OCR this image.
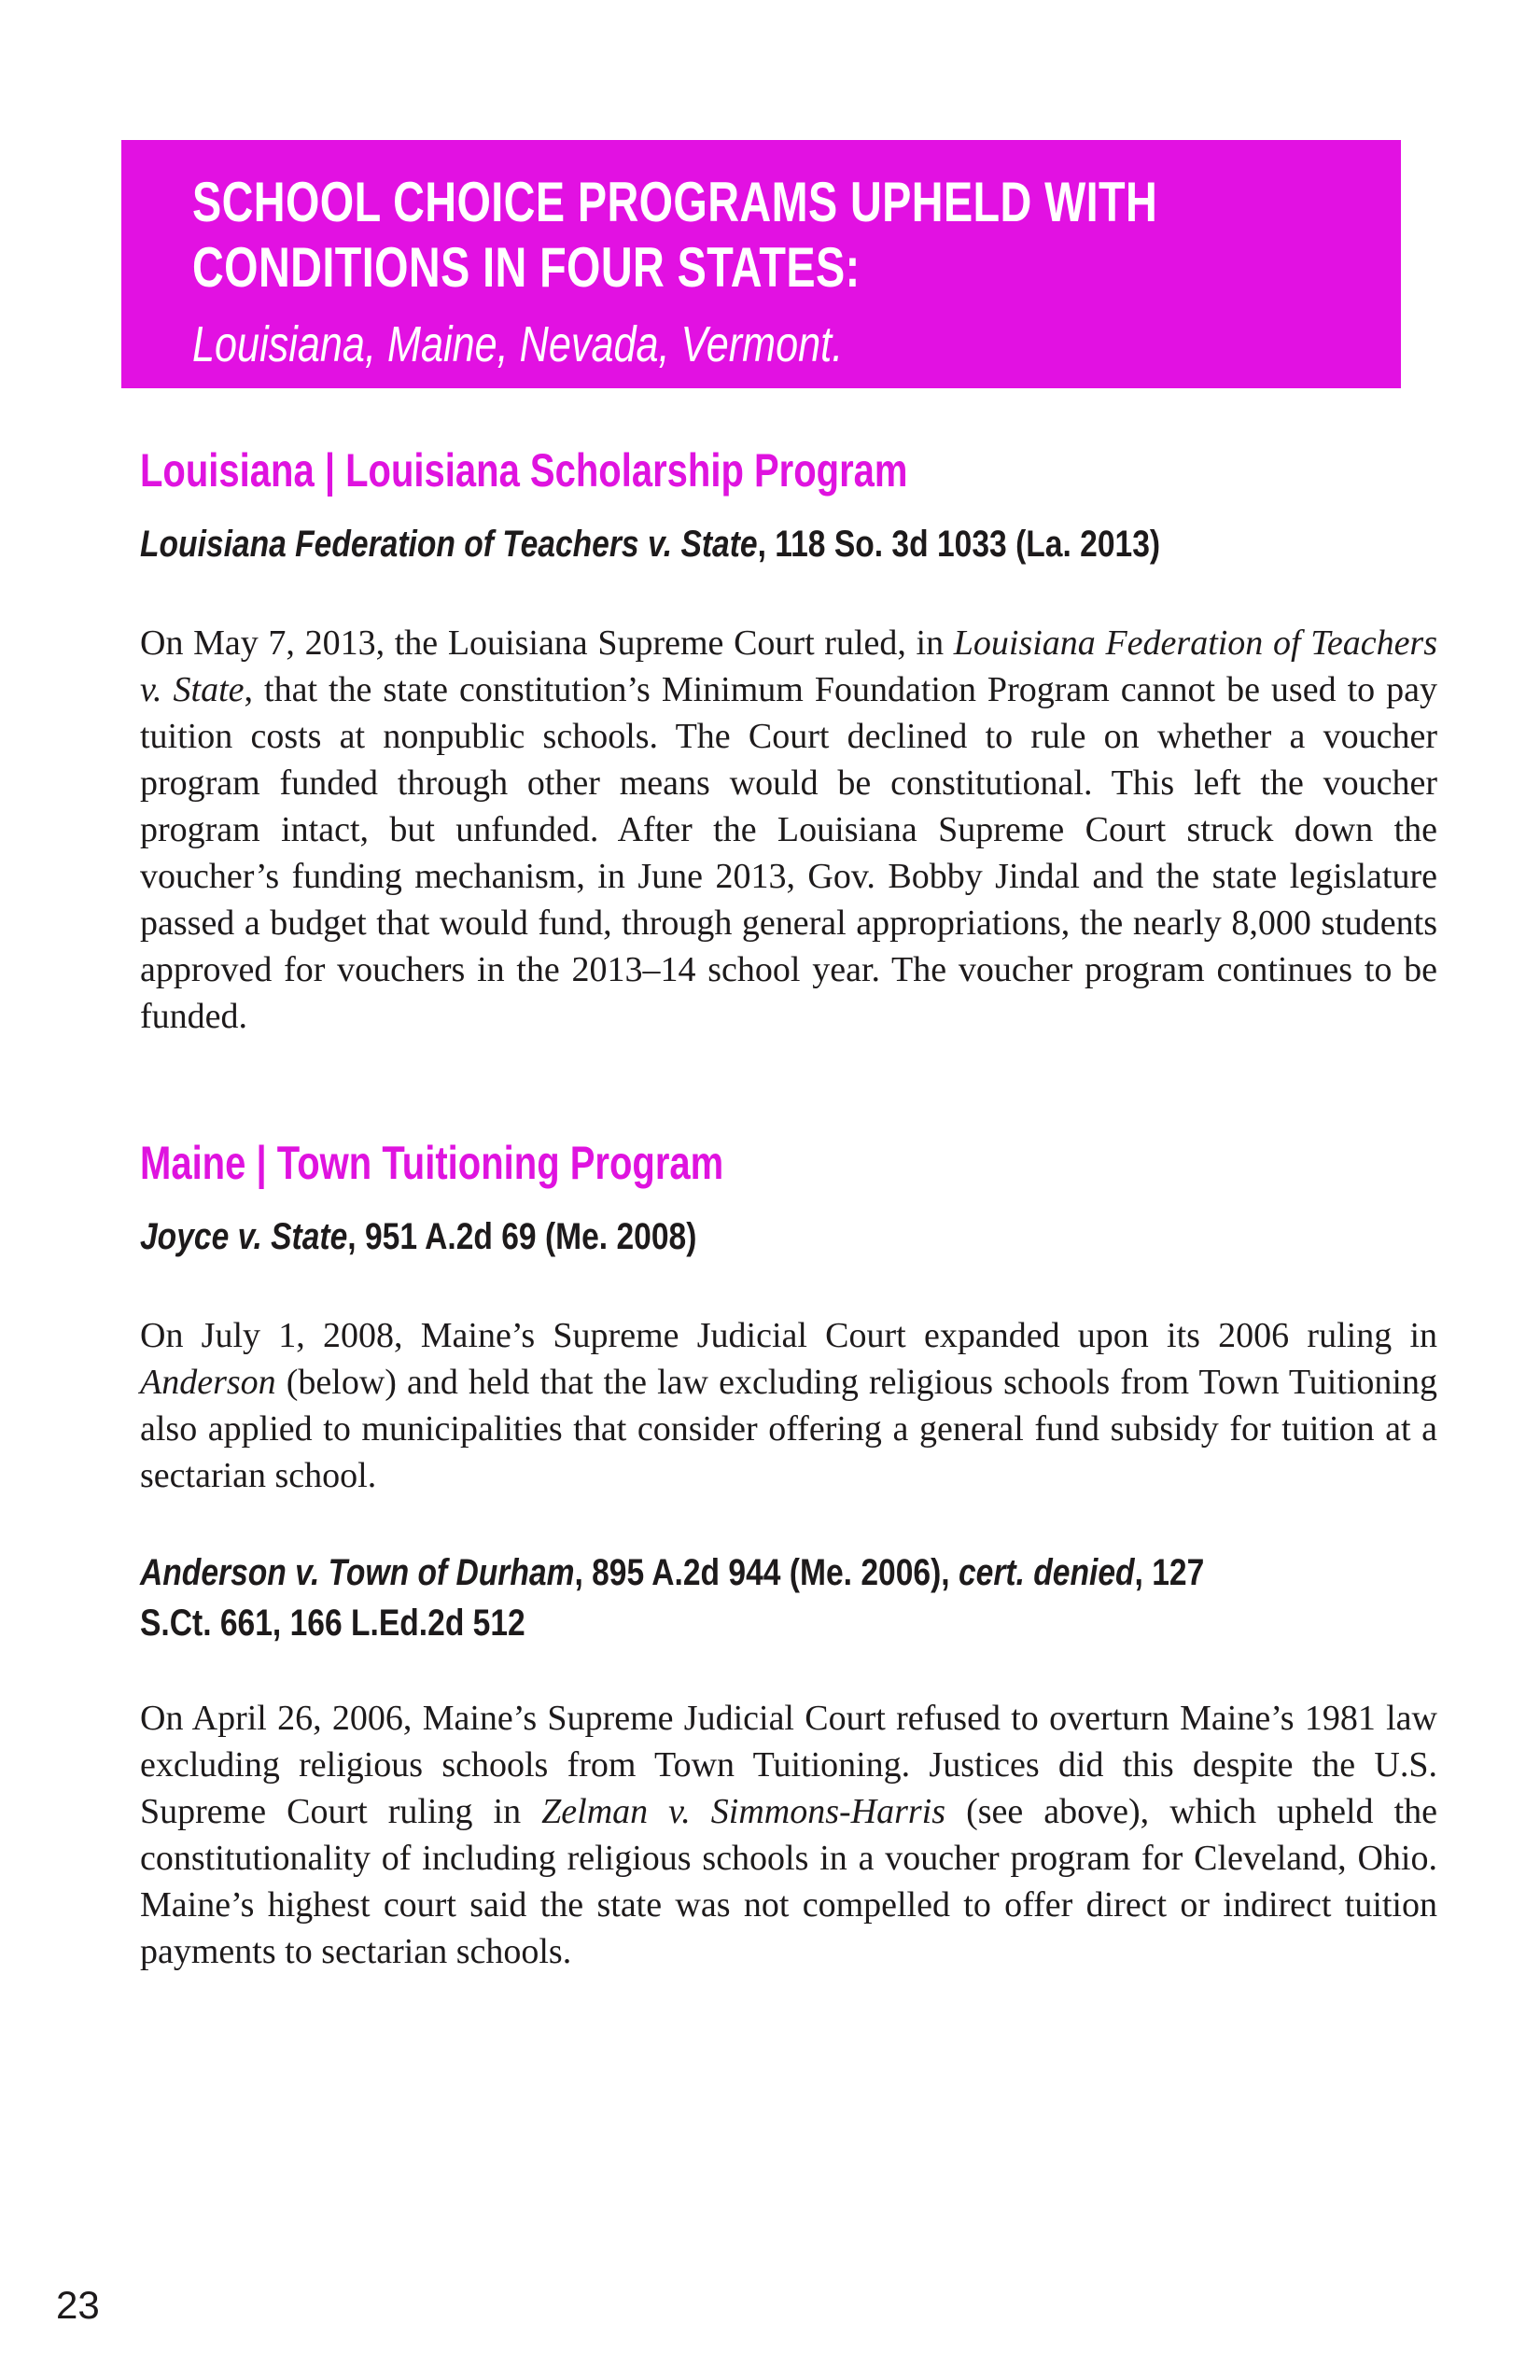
SCHOOL CHOICE PROGRAMS UPHELD WITH
CONDITIONS IN FOUR STATES:
Louisiana, Maine, Nevada, Vermont.
Louisiana | Louisiana Scholarship Program
Louisiana Federation of Teachers v. State, 118 So. 3d 1033 (La. 2013)
On May 7, 2013, the Louisiana Supreme Court ruled, in Louisiana Federation of Teachers v. State, that the state constitution’s Minimum Foundation Program cannot be used to pay tuition costs at nonpublic schools. The Court declined to rule on whether a voucher program funded through other means would be constitutional. This left the voucher program intact, but unfunded. After the Louisiana Supreme Court struck down the voucher’s funding mechanism, in June 2013, Gov. Bobby Jindal and the state legislature passed a budget that would fund, through general appropriations, the nearly 8,000 students approved for vouchers in the 2013–14 school year. The voucher program continues to be funded.
Maine | Town Tuitioning Program
Joyce v. State, 951 A.2d 69 (Me. 2008)
On July 1, 2008, Maine’s Supreme Judicial Court expanded upon its 2006 ruling in Anderson (below) and held that the law excluding religious schools from Town Tuitioning also applied to municipalities that consider offering a general fund subsidy for tuition at a sectarian school.
Anderson v. Town of Durham, 895 A.2d 944 (Me. 2006), cert. denied, 127
S.Ct. 661, 166 L.Ed.2d 512
On April 26, 2006, Maine’s Supreme Judicial Court refused to overturn Maine’s 1981 law excluding religious schools from Town Tuitioning. Justices did this despite the U.S. Supreme Court ruling in Zelman v. Simmons-Harris (see above), which upheld the constitutionality of including religious schools in a voucher program for Cleveland, Ohio. Maine’s highest court said the state was not compelled to offer direct or indirect tuition payments to sectarian schools.
23
